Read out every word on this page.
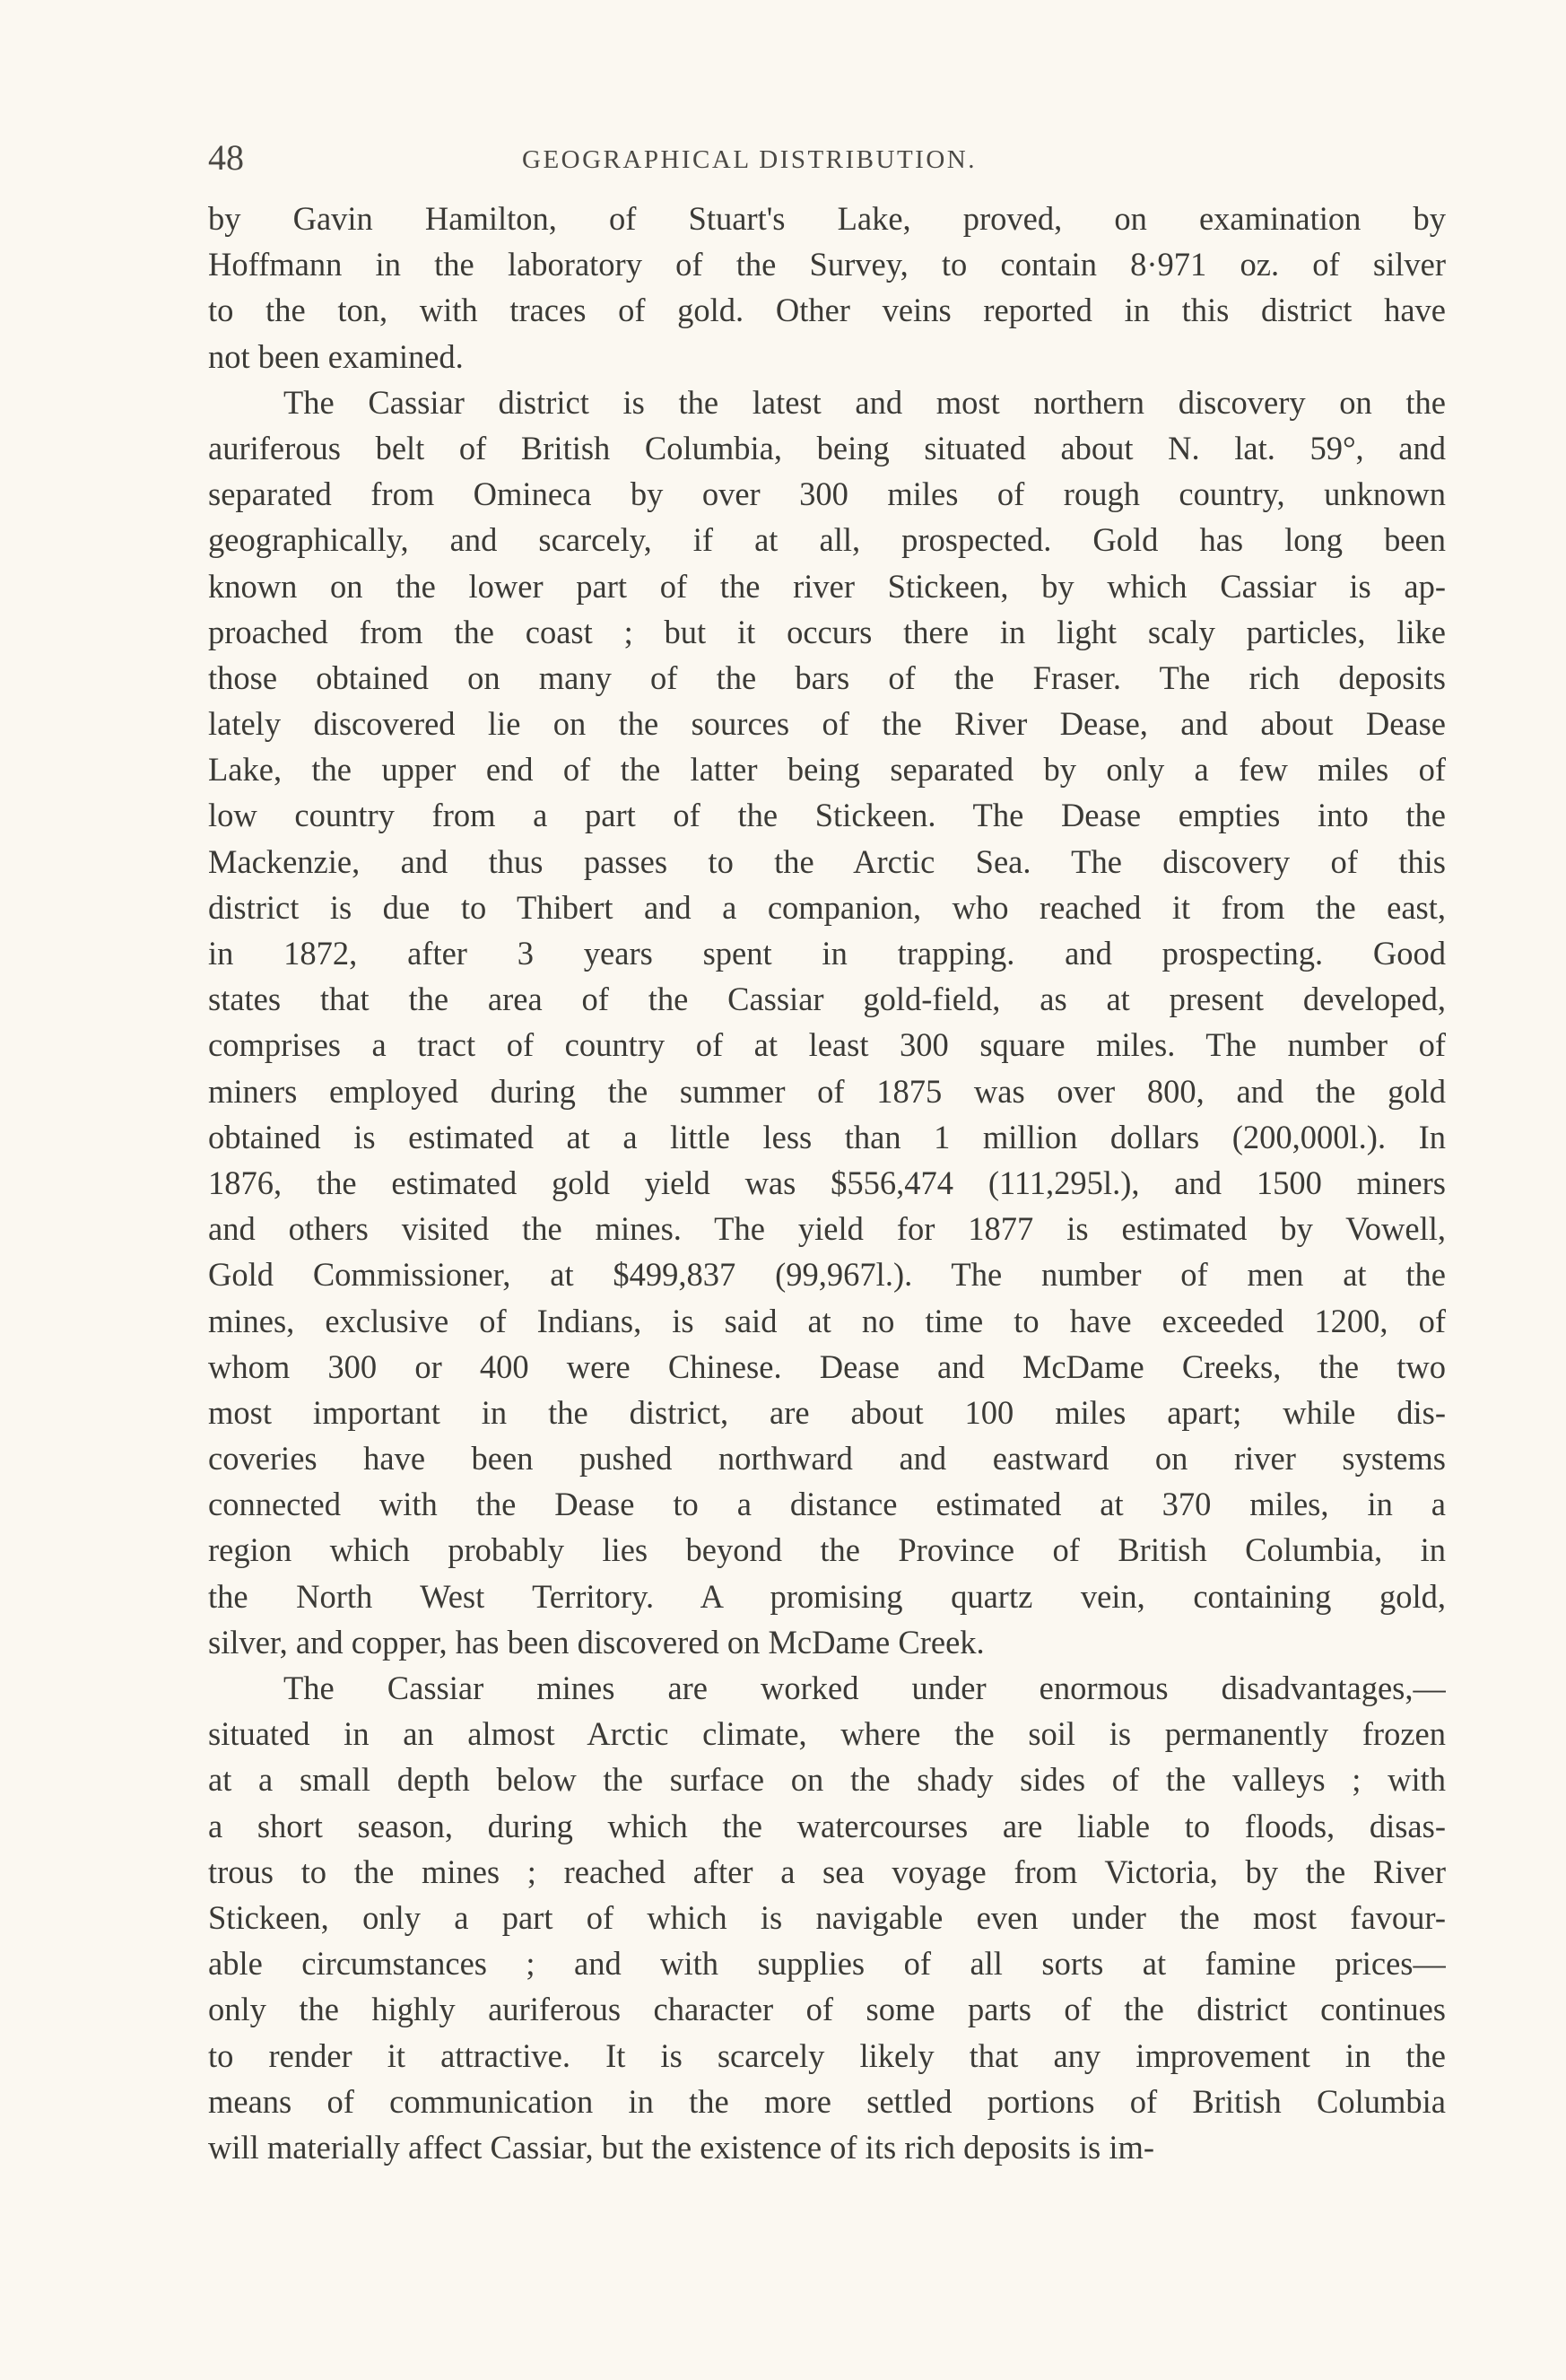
48	GEOGRAPHICAL DISTRIBUTION.
by Gavin Hamilton, of Stuart's Lake, proved, on examination by
Hoffmann in the laboratory of the Survey, to contain 8·971 oz. of silver
to the ton, with traces of gold. Other veins reported in this district have
not been examined.
The Cassiar district is the latest and most northern discovery on the
auriferous belt of British Columbia, being situated about N. lat. 59°, and
separated from Omineca by over 300 miles of rough country, unknown
geographically, and scarcely, if at all, prospected. Gold has long been
known on the lower part of the river Stickeen, by which Cassiar is ap-
proached from the coast ; but it occurs there in light scaly particles, like
those obtained on many of the bars of the Fraser. The rich deposits
lately discovered lie on the sources of the River Dease, and about Dease
Lake, the upper end of the latter being separated by only a few miles of
low country from a part of the Stickeen. The Dease empties into the
Mackenzie, and thus passes to the Arctic Sea. The discovery of this
district is due to Thibert and a companion, who reached it from the east,
in 1872, after 3 years spent in trapping. and prospecting. Good
states that the area of the Cassiar gold-field, as at present developed,
comprises a tract of country of at least 300 square miles. The number of
miners employed during the summer of 1875 was over 800, and the gold
obtained is estimated at a little less than 1 million dollars (200,000l.). In
1876, the estimated gold yield was $556,474 (111,295l.), and 1500 miners
and others visited the mines. The yield for 1877 is estimated by Vowell,
Gold Commissioner, at $499,837 (99,967l.). The number of men at the
mines, exclusive of Indians, is said at no time to have exceeded 1200, of
whom 300 or 400 were Chinese. Dease and McDame Creeks, the two
most important in the district, are about 100 miles apart; while dis-
coveries have been pushed northward and eastward on river systems
connected with the Dease to a distance estimated at 370 miles, in a
region which probably lies beyond the Province of British Columbia, in
the North West Territory. A promising quartz vein, containing gold,
silver, and copper, has been discovered on McDame Creek.
The Cassiar mines are worked under enormous disadvantages,—
situated in an almost Arctic climate, where the soil is permanently frozen
at a small depth below the surface on the shady sides of the valleys ; with
a short season, during which the watercourses are liable to floods, disas-
trous to the mines ; reached after a sea voyage from Victoria, by the River
Stickeen, only a part of which is navigable even under the most favour-
able circumstances ; and with supplies of all sorts at famine prices—
only the highly auriferous character of some parts of the district continues
to render it attractive. It is scarcely likely that any improvement in the
means of communication in the more settled portions of British Columbia
will materially affect Cassiar, but the existence of its rich deposits is im-
